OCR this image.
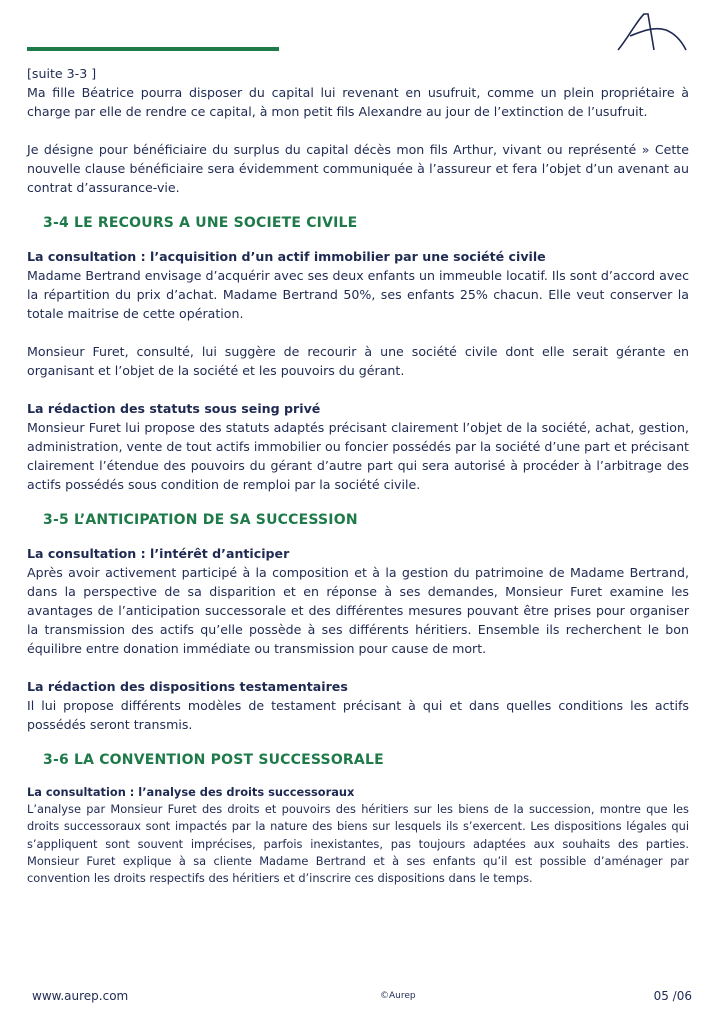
[suite 3-3 ]

Ma fille Béatrice pourra disposer du capital lui revenant en usufruit, comme un plein propriétaire à charge par elle de rendre ce capital, à mon petit fils Alexandre au jour de l’extinction de l’usufruit.

Je désigne pour bénéficiaire du surplus du capital décès mon fils Arthur, vivant ou représenté » Cette nouvelle clause bénéficiaire sera évidemment communiquée à l’assureur et fera l’objet d’un avenant au contrat d’assurance-vie.

3-4 LE RECOURS A UNE SOCIETE CIVILE

La consultation : l’acquisition d’un actif immobilier par une société civile

Madame Bertrand envisage d’acquérir avec ses deux enfants un immeuble locatif. Ils sont d’accord avec la répartition du prix d’achat. Madame Bertrand 50%, ses enfants 25% chacun. Elle veut conserver la totale maitrise de cette opération.

Monsieur Furet, consulté, lui suggère de recourir à une société civile dont elle serait gérante en organisant et l’objet de la société et les pouvoirs du gérant.

La rédaction des statuts sous seing privé

Monsieur Furet lui propose des statuts adaptés précisant clairement l’objet de la société, achat, gestion, administration, vente de tout actifs immobilier ou foncier possédés par la société d’une part et précisant clairement l’étendue des pouvoirs du gérant d’autre part qui sera autorisé à procéder à l’arbitrage des actifs possédés sous condition de remploi par la société civile.

3-5 L’ANTICIPATION DE SA SUCCESSION

La consultation : l’intérêt d’anticiper

Après avoir activement participé à la composition et à la gestion du patrimoine de Madame Bertrand, dans la perspective de sa disparition et en réponse à ses demandes, Monsieur Furet examine les avantages de l’anticipation successorale et des différentes mesures pouvant être prises pour organiser la transmission des actifs qu’elle possède à ses différents héritiers. Ensemble ils recherchent le bon équilibre entre donation immédiate ou transmission pour cause de mort.

La rédaction des dispositions testamentaires

Il lui propose différents modèles de testament précisant à qui et dans quelles conditions les actifs possédés seront transmis.

3-6 LA CONVENTION POST SUCCESSORALE

La consultation : l’analyse des droits successoraux

L’analyse par Monsieur Furet des droits et pouvoirs des héritiers sur les biens de la succession, montre que les droits successoraux sont impactés par la nature des biens sur lesquels ils s’exercent. Les dispositions légales qui s’appliquent sont souvent imprécises, parfois inexistantes, pas toujours adaptées aux souhaits des parties. Monsieur Furet explique à sa cliente Madame Bertrand et à ses enfants qu’il est possible d’aménager par convention les droits respectifs des héritiers et d’inscrire ces dispositions dans le temps.

www.aurep.com	©Aurep	05 /06
